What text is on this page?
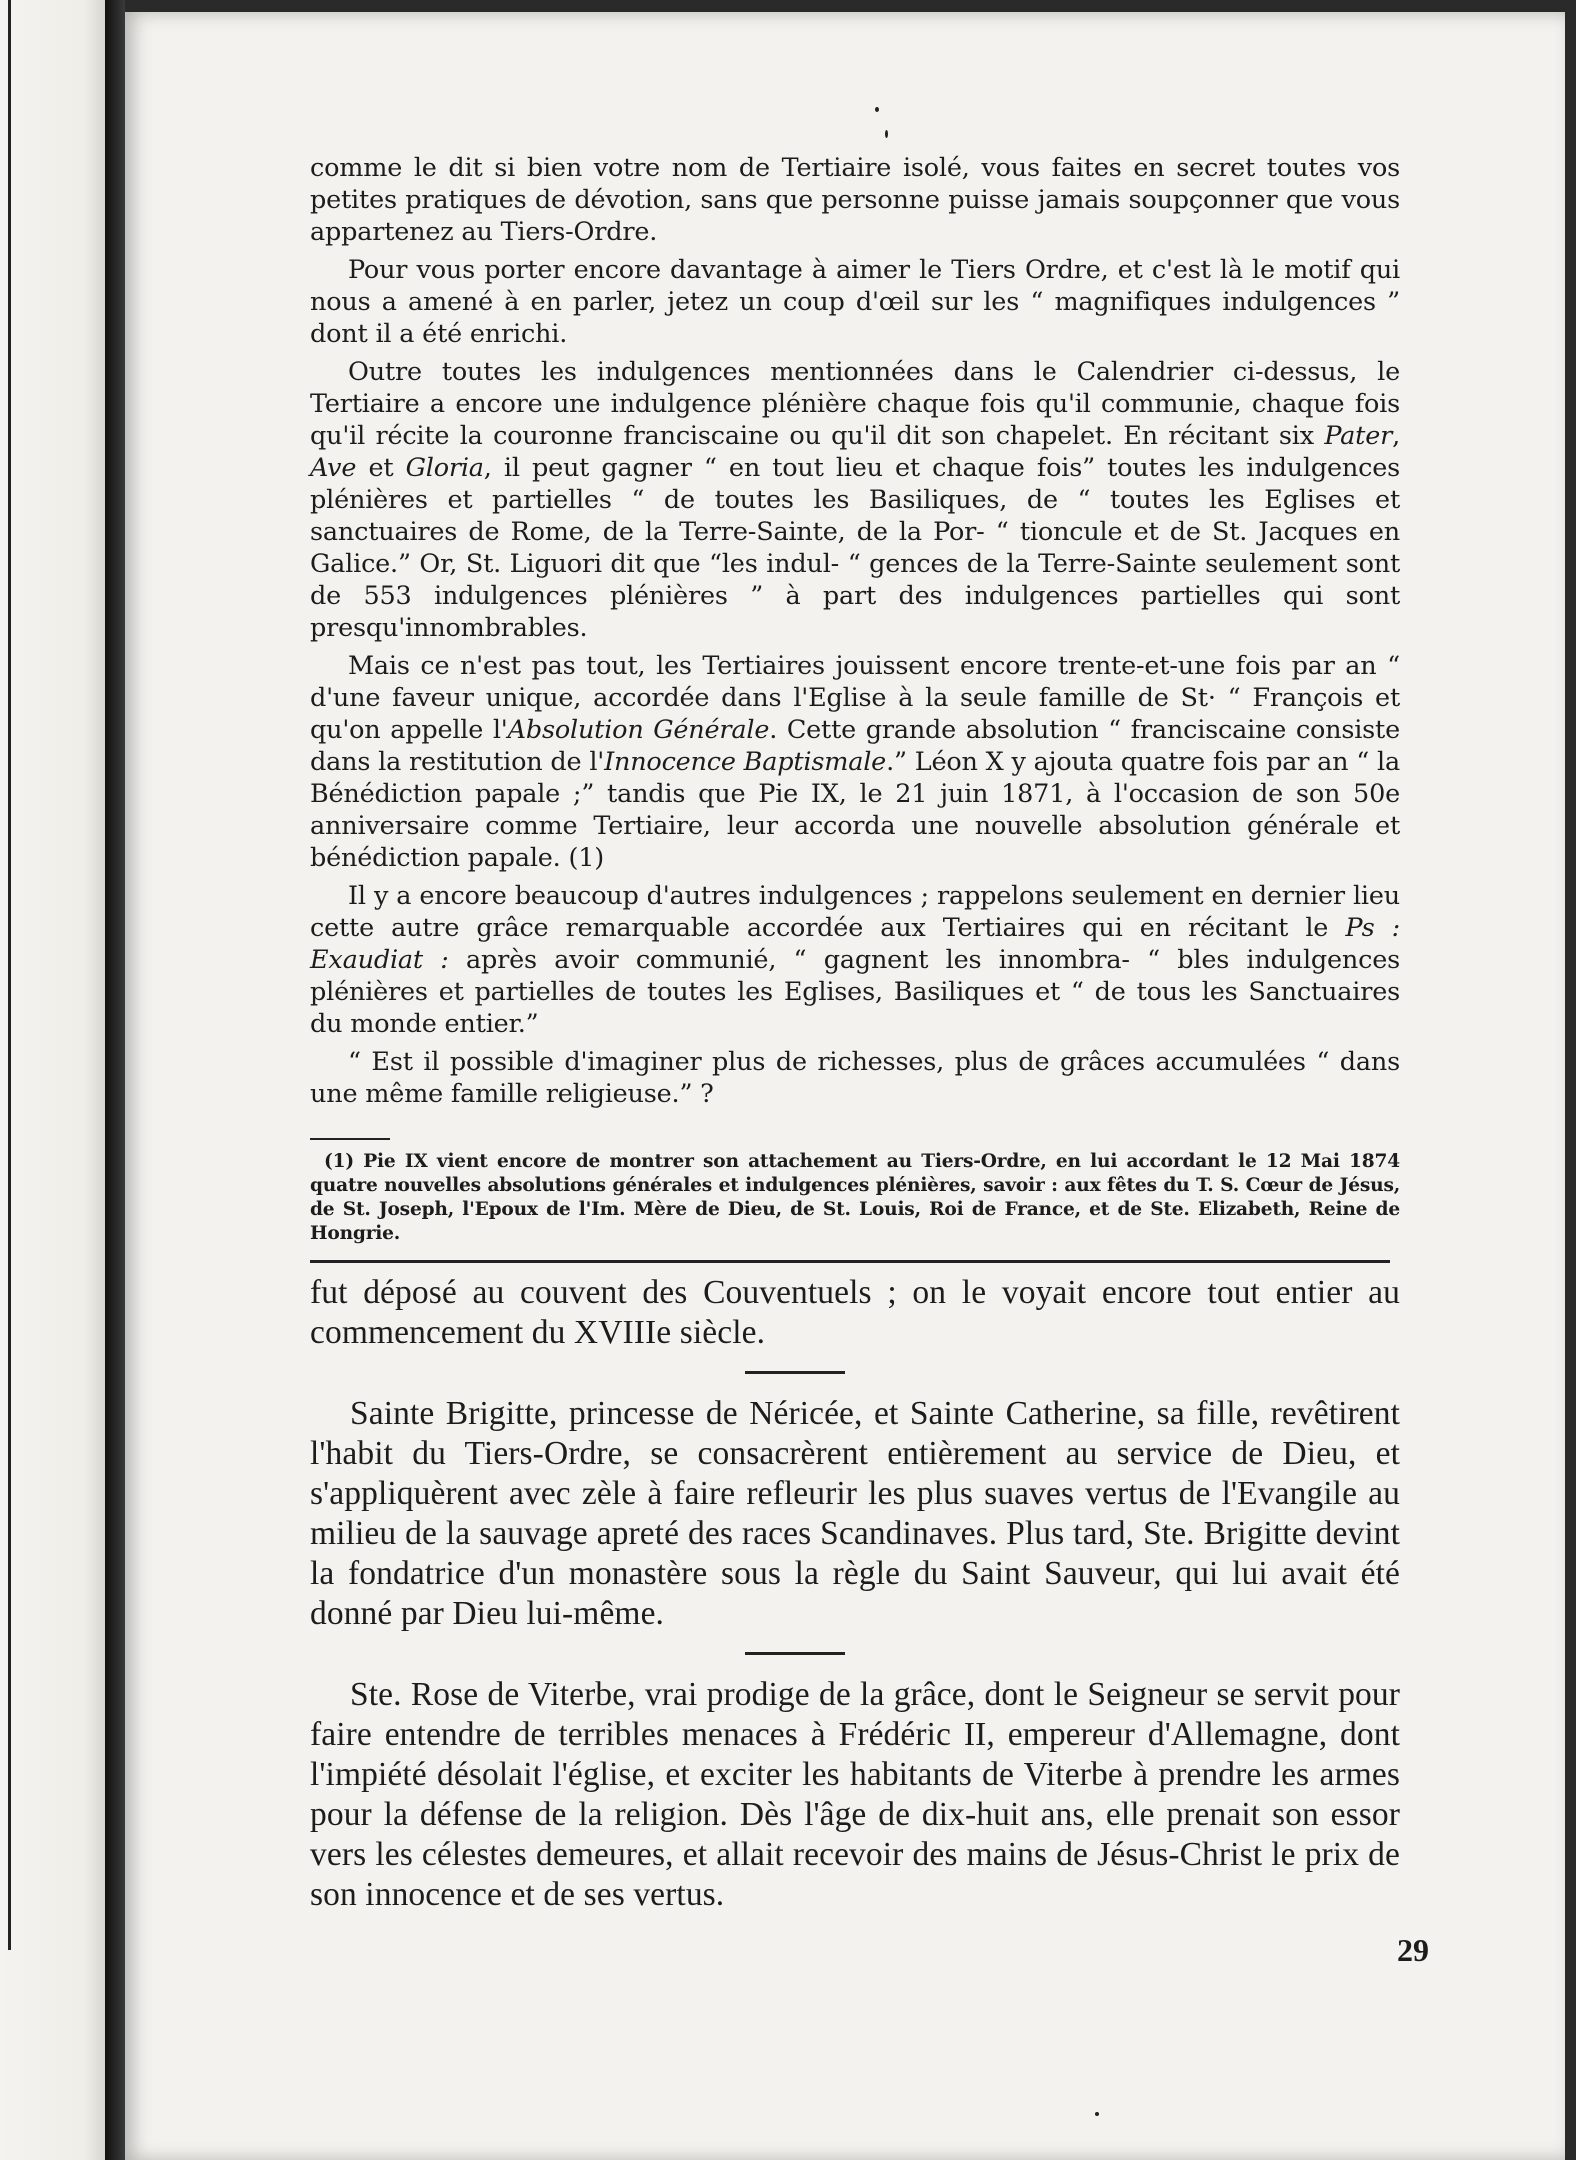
comme le dit si bien votre nom de Tertiaire isolé, vous faites en secret toutes vos petites pratiques de dévotion, sans que personne puisse jamais soupçonner que vous appartenez au Tiers-Ordre.

Pour vous porter encore davantage à aimer le Tiers Ordre, et c'est là le motif qui nous a amené à en parler, jetez un coup d'œil sur les “ magnifiques indulgences ” dont il a été enrichi.

Outre toutes les indulgences mentionnées dans le Calendrier ci-dessus, le Tertiaire a encore une indulgence plénière chaque fois qu'il communie, chaque fois qu'il récite la couronne franciscaine ou qu'il dit son chapelet. En récitant six Pater, Ave et Gloria, il peut gagner “ en tout lieu et chaque fois” toutes les indulgences plénières et partielles “ de toutes les Basiliques, de “ toutes les Eglises et sanctuaires de Rome, de la Terre-Sainte, de la Por- “ tioncule et de St. Jacques en Galice.” Or, St. Liguori dit que “les indul- “ gences de la Terre-Sainte seulement sont de 553 indulgences plénières ” à part des indulgences partielles qui sont presqu'innombrables.

Mais ce n'est pas tout, les Tertiaires jouissent encore trente-et-une fois par an “ d'une faveur unique, accordée dans l'Eglise à la seule famille de St· “ François et qu'on appelle l'Absolution Générale. Cette grande absolution “ franciscaine consiste dans la restitution de l'Innocence Baptismale.” Léon X y ajouta quatre fois par an “ la Bénédiction papale ;” tandis que Pie IX, le 21 juin 1871, à l'occasion de son 50e anniversaire comme Tertiaire, leur accorda une nouvelle absolution générale et bénédiction papale. (1)

Il y a encore beaucoup d'autres indulgences ; rappelons seulement en dernier lieu cette autre grâce remarquable accordée aux Tertiaires qui en récitant le Ps : Exaudiat : après avoir communié, “ gagnent les innombra- “ bles indulgences plénières et partielles de toutes les Eglises, Basiliques et “ de tous les Sanctuaires du monde entier.”

“ Est il possible d'imaginer plus de richesses, plus de grâces accumulées “ dans une même famille religieuse.” ?

(1) Pie IX vient encore de montrer son attachement au Tiers-Ordre, en lui accordant le 12 Mai 1874 quatre nouvelles absolutions générales et indulgences plénières, savoir : aux fêtes du T. S. Cœur de Jésus, de St. Joseph, l'Epoux de l'Im. Mère de Dieu, de St. Louis, Roi de France, et de Ste. Elizabeth, Reine de Hongrie.

fut déposé au couvent des Couventuels ; on le voyait encore tout entier au commencement du XVIIIe siècle.

Sainte Brigitte, princesse de Néricée, et Sainte Catherine, sa fille, revêtirent l'habit du Tiers-Ordre, se consacrèrent entièrement au service de Dieu, et s'appliquèrent avec zèle à faire refleurir les plus suaves vertus de l'Evangile au milieu de la sauvage apreté des races Scandinaves. Plus tard, Ste. Brigitte devint la fondatrice d'un monastère sous la règle du Saint Sauveur, qui lui avait été donné par Dieu lui-même.

Ste. Rose de Viterbe, vrai prodige de la grâce, dont le Seigneur se servit pour faire entendre de terribles menaces à Frédéric II, empereur d'Allemagne, dont l'impiété désolait l'église, et exciter les habitants de Viterbe à prendre les armes pour la défense de la religion. Dès l'âge de dix-huit ans, elle prenait son essor vers les célestes demeures, et allait recevoir des mains de Jésus-Christ le prix de son innocence et de ses vertus.

29
